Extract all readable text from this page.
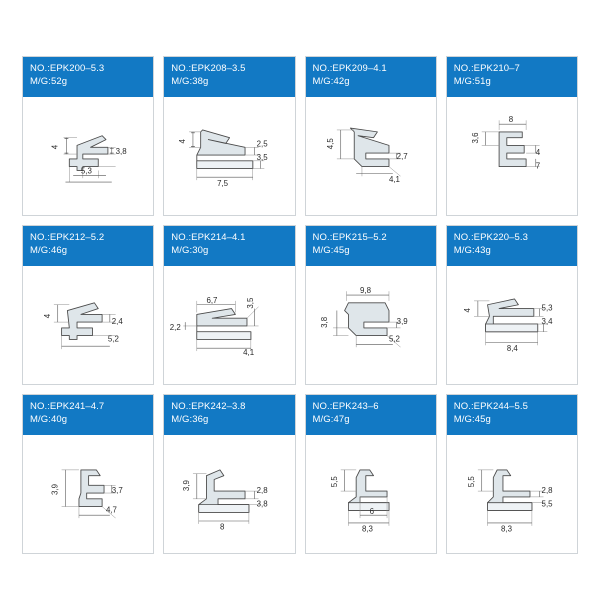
NO.:EPK200–5.3
M/G:52g
4
3,8
5,3
NO.:EPK208–3.5
M/G:38g
4	2,5
3,5
7,5
NO.:EPK209–4.1
M/G:42g
4,5
2,7
4,1
NO.:EPK210–7
M/G:51g
3,6
8
4
7
NO.:EPK212–5.2
M/G:46g
4
2,4
5,2
NO.:EPK214–4.1
M/G:30g
6,7	3,5
2,2
4,1
NO.:EPK215–5.2
M/G:45g
9,8
3,9
3,8
5,2
NO.:EPK220–5.3
M/G:43g
4	5,3
3,4
8,4
NO.:EPK241–4.7
M/G:40g
3,9	3,7
4,7
NO.:EPK242–3.8
M/G:36g
3,9	2,8
3,8
8
NO.:EPK243–6
M/G:47g
5,5
6
8,3
NO.:EPK244–5.5
M/G:45g
5,5
2,8
5,5
8,3
